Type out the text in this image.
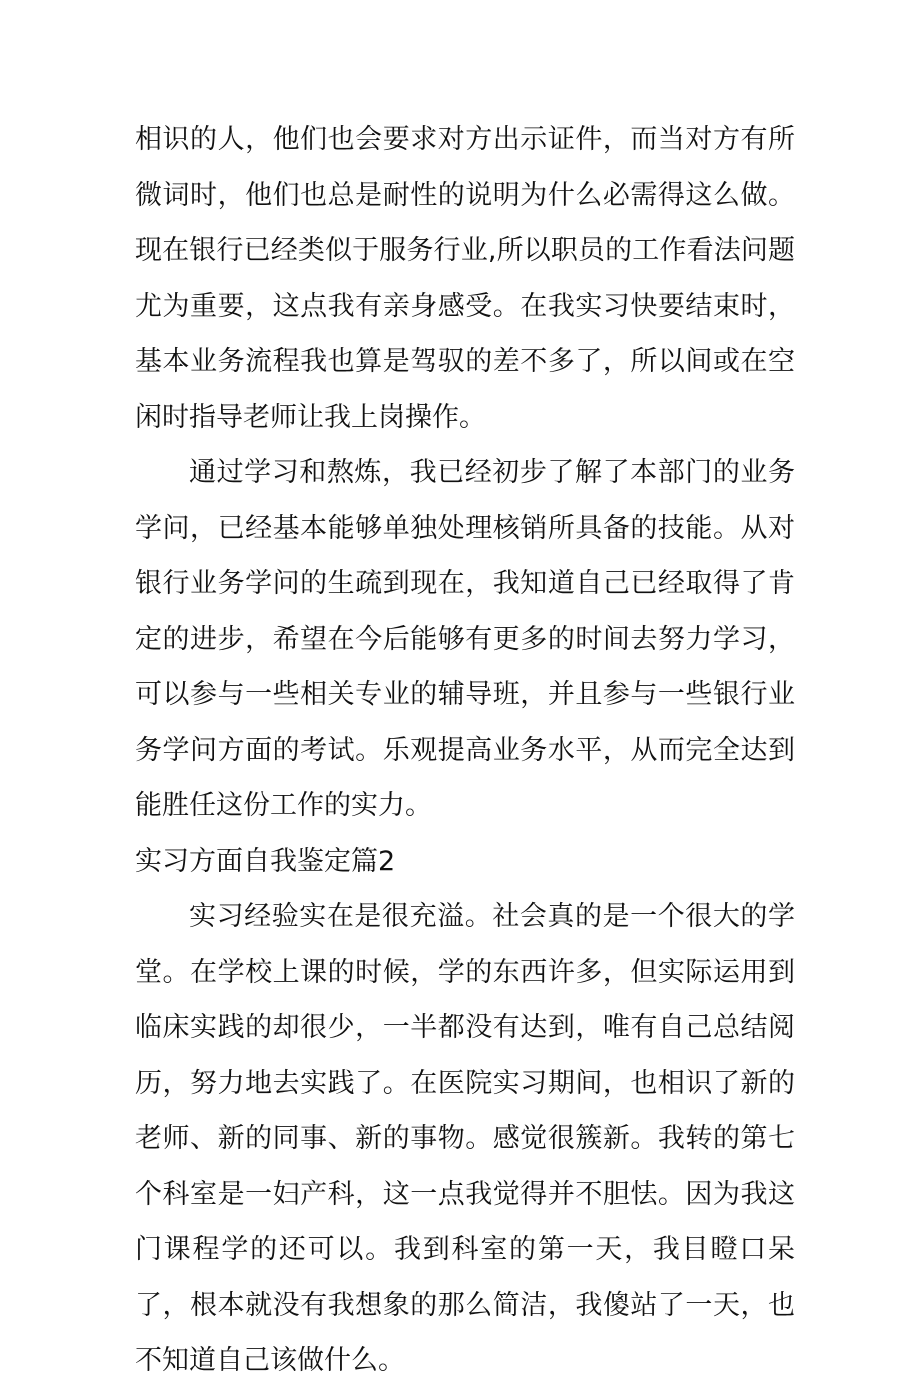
相识的人，他们也会要求对方出示证件，而当对方有所微词时，他们也总是耐性的说明为什么必需得这么做。现在银行已经类似于服务行业,所以职员的工作看法问题尤为重要，这点我有亲身感受。在我实习快要结束时，基本业务流程我也算是驾驭的差不多了，所以间或在空闲时指导老师让我上岗操作。

通过学习和熬炼，我已经初步了解了本部门的业务学问，已经基本能够单独处理核销所具备的技能。从对银行业务学问的生疏到现在，我知道自己已经取得了肯定的进步，希望在今后能够有更多的时间去努力学习，可以参与一些相关专业的辅导班，并且参与一些银行业务学问方面的考试。乐观提高业务水平，从而完全达到能胜任这份工作的实力。

实习方面自我鉴定篇2

实习经验实在是很充溢。社会真的是一个很大的学堂。在学校上课的时候，学的东西许多，但实际运用到临床实践的却很少，一半都没有达到，唯有自己总结阅历，努力地去实践了。在医院实习期间，也相识了新的老师、新的同事、新的事物。感觉很簇新。我转的第七个科室是一妇产科，这一点我觉得并不胆怯。因为我这门课程学的还可以。我到科室的第一天，我目瞪口呆了，根本就没有我想象的那么简洁，我傻站了一天，也不知道自己该做什么。
